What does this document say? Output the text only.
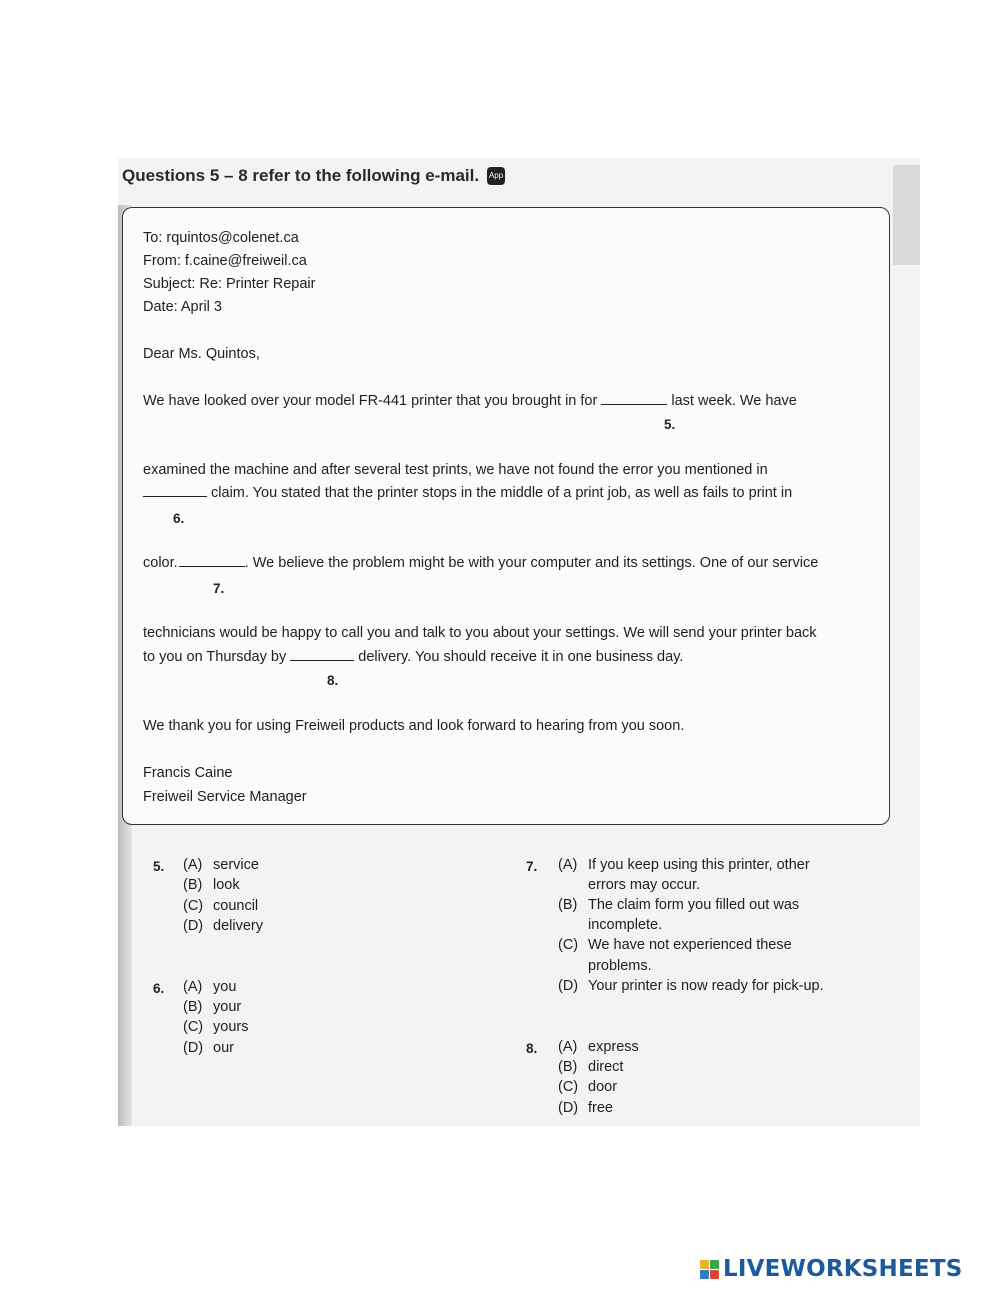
Questions 5 – 8 refer to the following e-mail. App
To: rquintos@colenet.ca
From: f.caine@freiweil.ca
Subject: Re: Printer Repair
Date: April 3
Dear Ms. Quintos,
We have looked over your model FR-441 printer that you brought in for	last week. We have
5.
examined the machine and after several test prints, we have not found the error you mentioned in
claim. You stated that the printer stops in the middle of a print job, as well as fails to print in
6.
color.	. We believe the problem might be with your computer and its settings. One of our service
7.
technicians would be happy to call you and talk to you about your settings. We will send your printer back
to you on Thursday by	delivery. You should receive it in one business day.
8.
We thank you for using Freiweil products and look forward to hearing from you soon.
Francis Caine
Freiweil Service Manager
5. (A) service
(B) look
(C) council
(D) delivery
6. (A) you
(B) your
(C) yours
(D) our
7. (A) If you keep using this printer, other
errors may occur.
(B) The claim form you filled out was
incomplete.
(C) We have not experienced these
problems.
(D) Your printer is now ready for pick-up.
8. (A) express
(B) direct
(C) door
(D) free
LIVEWORKSHEETS
